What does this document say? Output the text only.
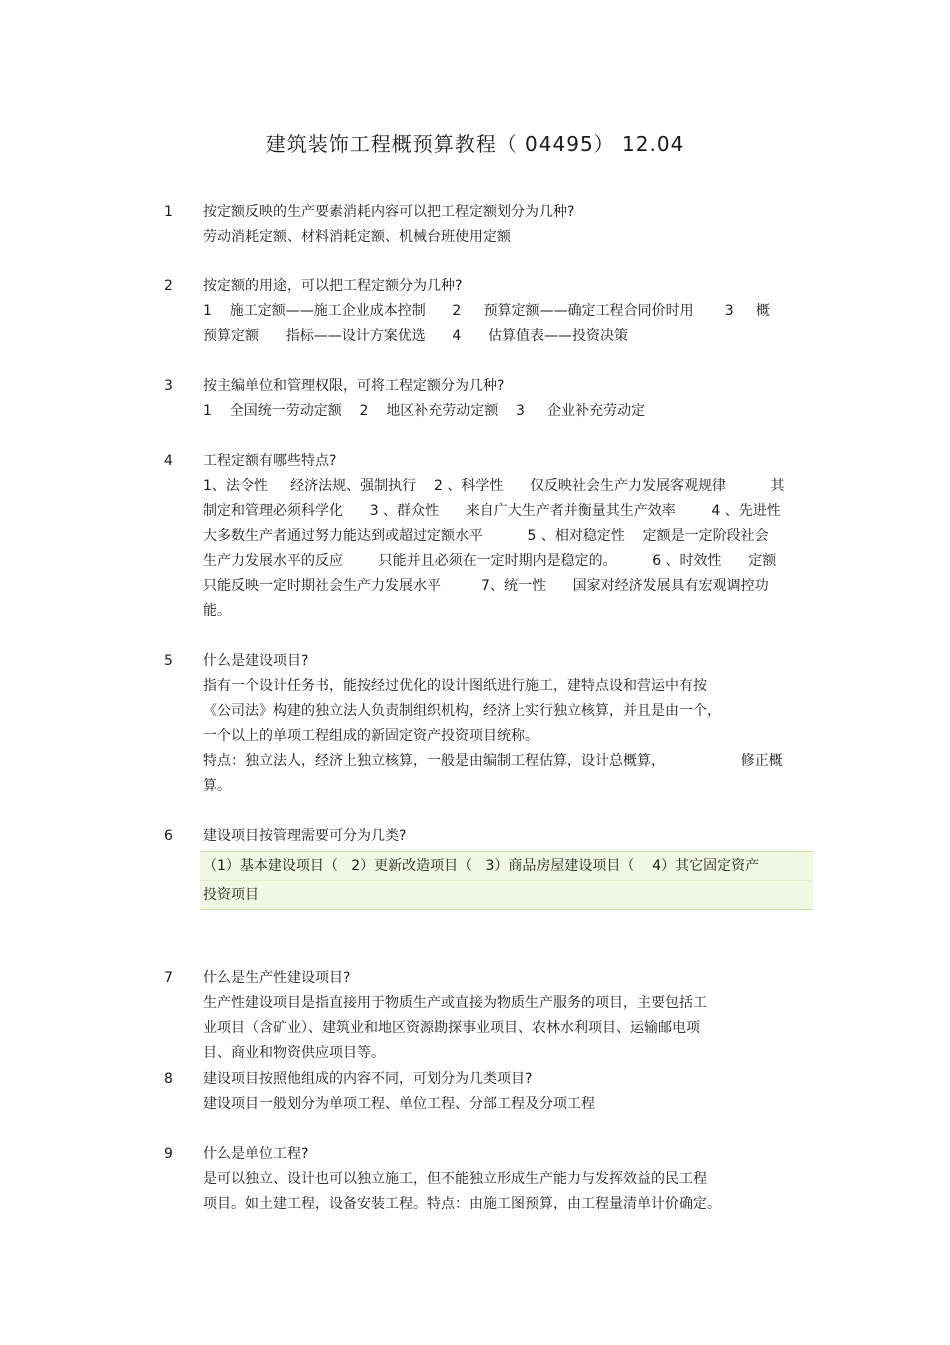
建筑装饰工程概预算教程（ 04495） 12.04
1	按定额反映的生产要素消耗内容可以把工程定额划分为几种?
劳动消耗定额、材料消耗定额、机械台班使用定额
2	按定额的用途，可以把工程定额分为几种?
1    施工定额——施工企业成本控制      2     预算定额——确定工程合同价时用       3     概
预算定额      指标——设计方案优选      4      估算值表——投资决策
3	按主编单位和管理权限，可将工程定额分为几种?
1    全国统一劳动定额    2    地区补充劳动定额    3     企业补充劳动定
4	工程定额有哪些特点?
1、法令性     经济法规、强制执行    2 、科学性      仅反映社会生产力发展客观规律          其
制定和管理必须科学化      3 、群众性      来自广大生产者并衡量其生产效率        4 、先进性
大多数生产者通过努力能达到或超过定额水平          5 、相对稳定性    定额是一定阶段社会
生产力发展水平的反应        只能并且必须在一定时期内是稳定的。        6 、时效性      定额
只能反映一定时期社会生产力发展水平         7、统一性      国家对经济发展具有宏观调控功
能。
5	什么是建设项目?
指有一个设计任务书，能按经过优化的设计图纸进行施工，建特点设和营运中有按
《公司法》构建的独立法人负责制组织机构，经济上实行独立核算，并且是由一个，
一个以上的单项工程组成的新固定资产投资项目统称。
特点：独立法人，经济上独立核算，一般是由编制工程估算，设计总概算，                 修正概
算。
6	建设项目按管理需要可分为几类?
（1）基本建设项目（   2）更新改造项目（   3）商品房屋建设项目（    4）其它固定资产
投资项目
7	什么是生产性建设项目?
生产性建设项目是指直接用于物质生产或直接为物质生产服务的项目，主要包括工
业项目（含矿业）、建筑业和地区资源勘探事业项目、农林水利项目、运输邮电项
目、商业和物资供应项目等。
8	建设项目按照他组成的内容不同，可划分为几类项目?
建设项目一般划分为单项工程、单位工程、分部工程及分项工程
9	什么是单位工程?
是可以独立、设计也可以独立施工，但不能独立形成生产能力与发挥效益的民工程
项目。如土建工程，设备安装工程。特点：由施工图预算，由工程量清单计价确定。
